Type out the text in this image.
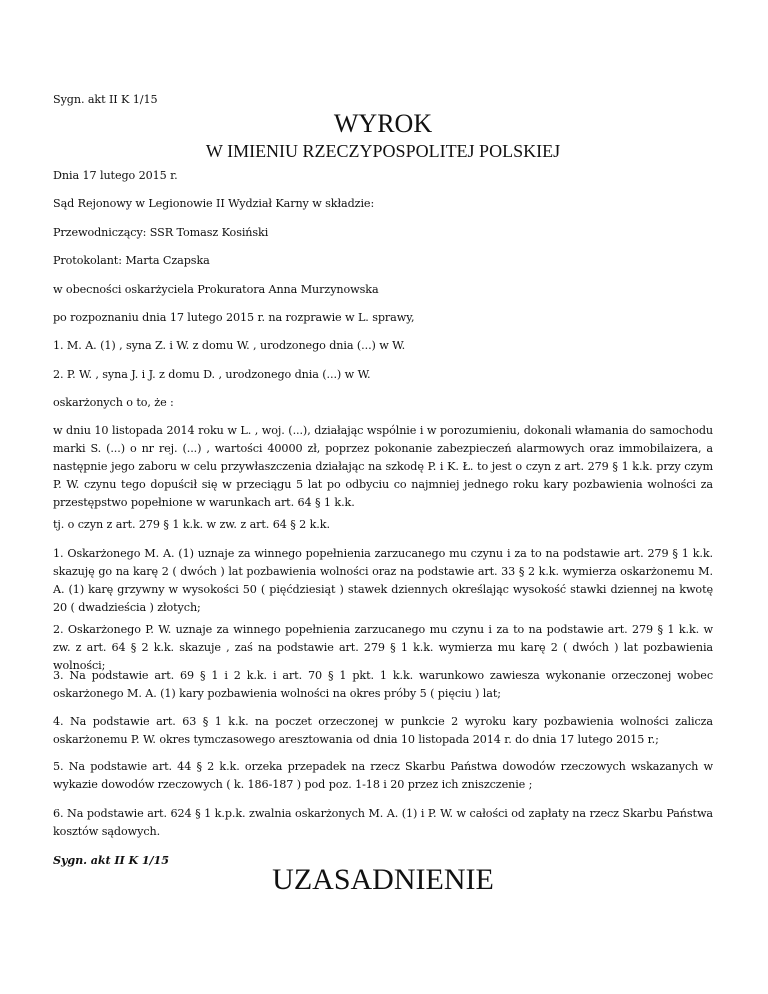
Sygn. akt II K 1/15

WYROK
W IMIENIU RZECZYPOSPOLITEJ POLSKIEJ

Dnia 17 lutego 2015 r.

Sąd Rejonowy w Legionowie II Wydział Karny w składzie:

Przewodniczący: SSR Tomasz Kosiński

Protokolant: Marta Czapska

w obecności oskarżyciela Prokuratora Anna Murzynowska

po rozpoznaniu dnia 17 lutego 2015 r. na rozprawie w L. sprawy,

1. M. A. (1) , syna Z. i W. z domu W. , urodzonego dnia (...) w W.

2. P. W. , syna J. i J. z domu D. , urodzonego dnia (...) w W.

oskarżonych o to, że :

w dniu 10 listopada 2014 roku w L. , woj. (...), działając wspólnie i w porozumieniu, dokonali włamania do samochodu marki S. (...) o nr rej. (...) , wartości 40000 zł, poprzez pokonanie zabezpieczeń alarmowych oraz immobilaizera, a następnie jego zaboru w celu przywłaszczenia działając na szkodę P. i K. Ł. to jest o czyn z art. 279 § 1 k.k. przy czym P. W. czynu tego dopuścił się w przeciągu 5 lat po odbyciu co najmniej jednego roku kary pozbawienia wolności za przestępstwo popełnione w warunkach art. 64 § 1 k.k.

tj. o czyn z art. 279 § 1 k.k. w zw. z art. 64 § 2 k.k.

1. Oskarżonego M. A. (1) uznaje za winnego popełnienia zarzucanego mu czynu i za to na podstawie art. 279 § 1 k.k. skazuję go na karę 2 ( dwóch ) lat pozbawienia wolności oraz na podstawie art. 33 § 2 k.k. wymierza oskarżonemu M. A. (1) karę grzywny w wysokości 50 ( pięćdziesiąt ) stawek dziennych określając wysokość stawki dziennej na kwotę 20 ( dwadzieścia ) złotych;

2. Oskarżonego P. W. uznaje za winnego popełnienia zarzucanego mu czynu i za to na podstawie art. 279 § 1 k.k. w zw. z art. 64 § 2 k.k. skazuje , zaś na podstawie art. 279 § 1 k.k. wymierza mu karę 2 ( dwóch ) lat pozbawienia wolności;

3. Na podstawie art. 69 § 1 i 2 k.k. i art. 70 § 1 pkt. 1 k.k. warunkowo zawiesza wykonanie orzeczonej wobec oskarżonego M. A. (1) kary pozbawienia wolności na okres próby 5 ( pięciu ) lat;

4. Na podstawie art. 63 § 1 k.k. na poczet orzeczonej w punkcie 2 wyroku kary pozbawienia wolności zalicza oskarżonemu P. W. okres tymczasowego aresztowania od dnia 10 listopada 2014 r. do dnia 17 lutego 2015 r.;

5. Na podstawie art. 44 § 2 k.k. orzeka przepadek na rzecz Skarbu Państwa dowodów rzeczowych wskazanych w wykazie dowodów rzeczowych ( k. 186-187 ) pod poz. 1-18 i 20 przez ich zniszczenie ;

6. Na podstawie art. 624 § 1 k.p.k. zwalnia oskarżonych M. A. (1) i P. W. w całości od zapłaty na rzecz Skarbu Państwa kosztów sądowych.

Sygn. akt II K 1/15

UZASADNIENIE
